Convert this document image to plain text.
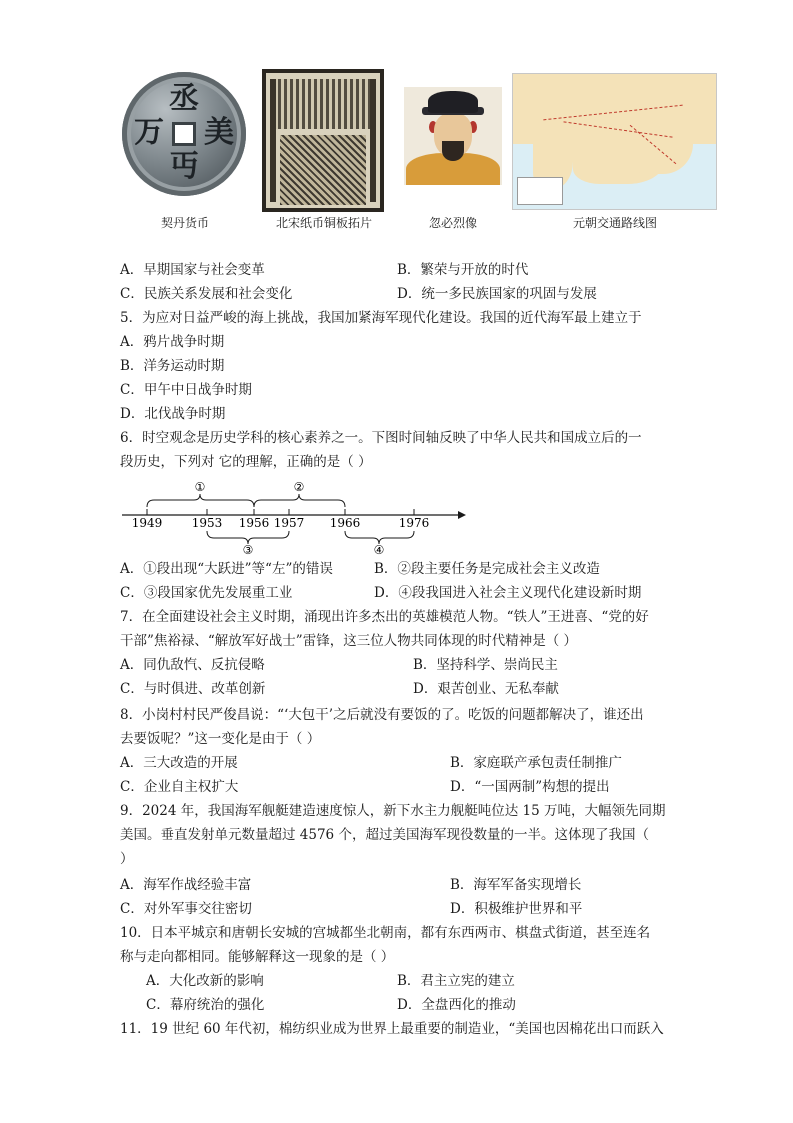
丞
万 美
丏
契丹货币	北宋纸币铜板拓片	忽必烈像	元朝交通路线图
A．早期国家与社会变革	B．繁荣与开放的时代
C．民族关系发展和社会变化	D．统一多民族国家的巩固与发展
5．为应对日益严峻的海上挑战，我国加紧海军现代化建设。我国的近代海军最上建立于
A．鸦片战争时期
B．洋务运动时期
C．甲午中日战争时期
D．北伐战争时期
6．时空观念是历史学科的核心素养之一。下图时间轴反映了中华人民共和国成立后的一
段历史，下列对 它的理解，正确的是（ ）
1949 1953 1956 1957 1966	1976
①	②
③	④
A．①段出现“大跃进”等“左”的错误	B．②段主要任务是完成社会主义改造
C．③段国家优先发展重工业	D．④段我国进入社会主义现代化建设新时期
7．在全面建设社会主义时期，涌现出许多杰出的英雄模范人物。“铁人”王进喜、“党的好
干部”焦裕禄、“解放军好战士”雷锋，这三位人物共同体现的时代精神是（ ）
A．同仇敌忾、反抗侵略	B．坚持科学、崇尚民主
C．与时俱进、改革创新	D．艰苦创业、无私奉献
8．小岗村村民严俊昌说：“‘大包干’之后就没有要饭的了。吃饭的问题都解决了，谁还出
去要饭呢？”这一变化是由于（ ）
A．三大改造的开展	B．家庭联产承包责任制推广
C．企业自主权扩大	D．“一国两制”构想的提出
9．2024 年，我国海军舰艇建造速度惊人，新下水主力舰艇吨位达 15 万吨，大幅领先同期
美国。垂直发射单元数量超过 4576 个，超过美国海军现役数量的一半。这体现了我国（
）
A．海军作战经验丰富	B．海军军备实现增长
C．对外军事交往密切	D．积极维护世界和平
10．日本平城京和唐朝长安城的宫城都坐北朝南，都有东西两市、棋盘式街道，甚至连名
称与走向都相同。能够解释这一现象的是（ ）
A．大化改新的影响	B．君主立宪的建立
C．幕府统治的强化	D．全盘西化的推动
11．19 世纪 60 年代初，棉纺织业成为世界上最重要的制造业，“美国也因棉花出口而跃入
